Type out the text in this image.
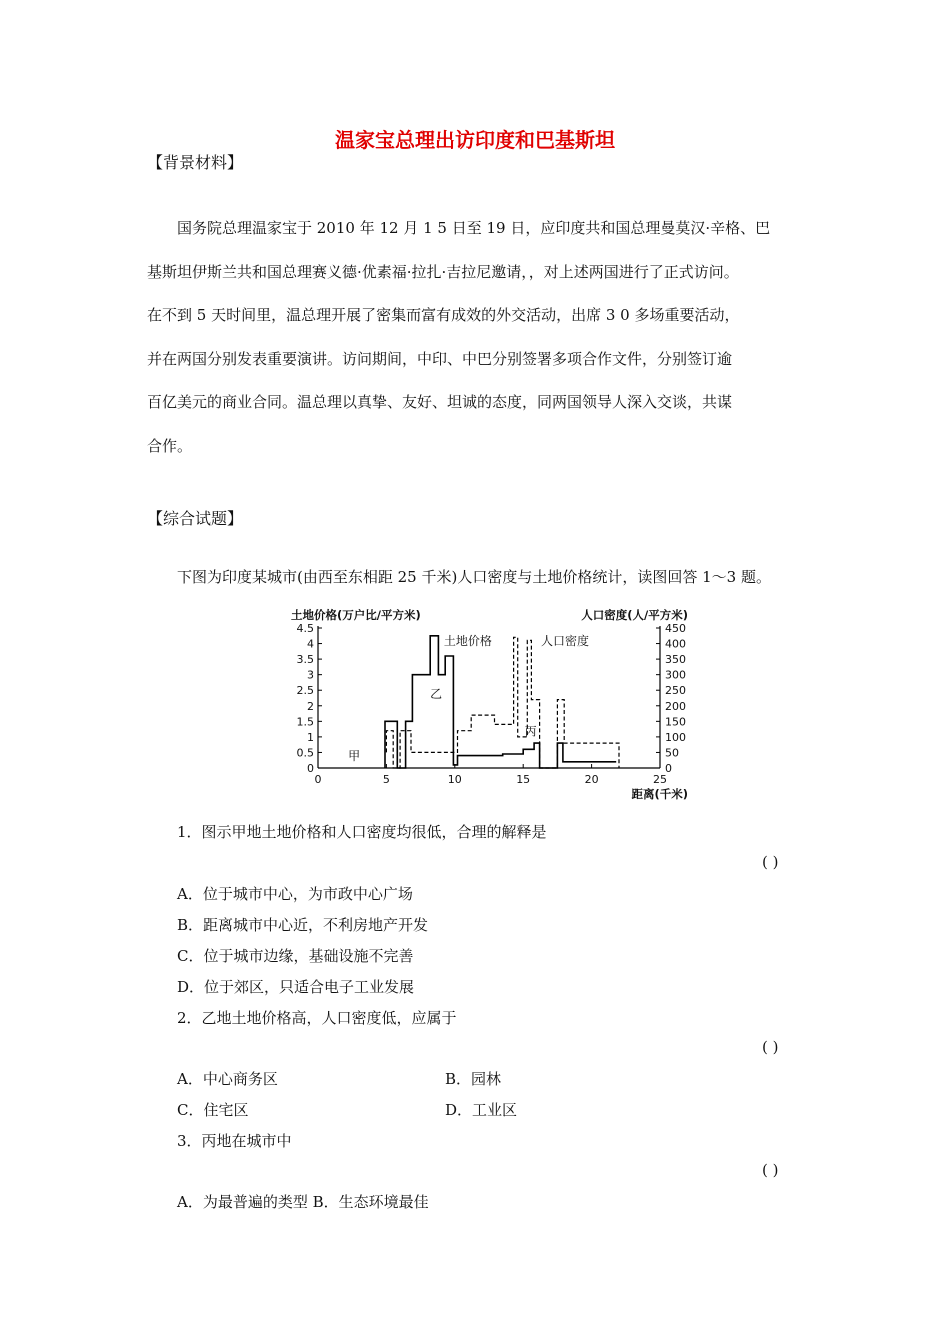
温家宝总理出访印度和巴基斯坦
【背景材料】
国务院总理温家宝于 2010 年 12 月 1 5 日至 19 日，应印度共和国总理曼莫汉·辛格、巴
基斯坦伊斯兰共和国总理赛义德·优素福·拉扎·吉拉尼邀请，，对上述两国进行了正式访问。
在不到 5 天时间里，温总理开展了密集而富有成效的外交活动，出席 3 0 多场重要活动，
并在两国分别发表重要演讲。访问期间，中印、中巴分别签署多项合作文件，分别签订逾
百亿美元的商业合同。温总理以真挚、友好、坦诚的态度，同两国领导人深入交谈，共谋
合作。
【综合试题】
下图为印度某城市(由西至东相距 25 千米)人口密度与土地价格统计，读图回答 1～3 题。
0
0.5
1
1.5
2
2.5
3
3.5
4
4.5
0
50
100
150
200
250
300
350
400
450
0	5	10	15	20	25
土地价格(万户比/平方米)	人口密度(人/平方米)
距离(千米)
土地价格	人口密度
乙
丙
甲
1．图示甲地土地价格和人口密度均很低，合理的解释是
( )
A．位于城市中心，为市政中心广场
B．距离城市中心近，不利房地产开发
C．位于城市边缘，基础设施不完善
D．位于郊区，只适合电子工业发展
2．乙地土地价格高，人口密度低，应属于
( )
A．中心商务区	B．园林
C．住宅区	D．工业区
3．丙地在城市中
( )
A．为最普遍的类型 B．生态环境最佳
